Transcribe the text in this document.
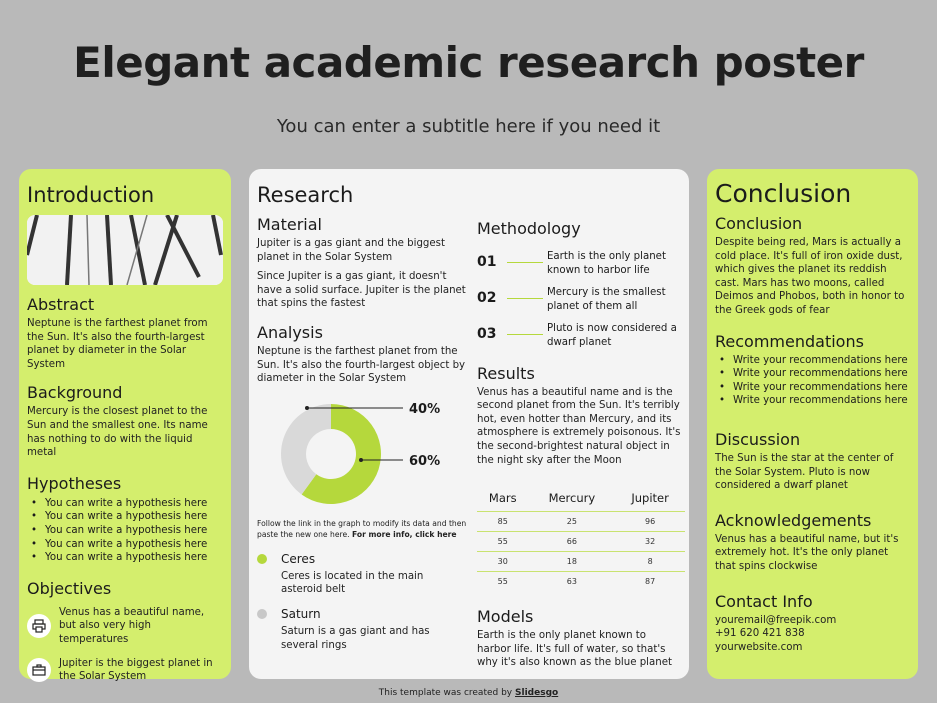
Elegant academic research poster
You can enter a subtitle here if you need it
Introduction
Abstract
Neptune is the farthest planet from the Sun. It's also the fourth-largest planet by diameter in the Solar System
Background
Mercury is the closest planet to the Sun and the smallest one. Its name has nothing to do with the liquid metal
Hypotheses
• You can write a hypothesis here
• You can write a hypothesis here
• You can write a hypothesis here
• You can write a hypothesis here
• You can write a hypothesis here
Objectives
Venus has a beautiful name, but also very high temperatures
Jupiter is the biggest planet in the Solar System
Research
Material
Jupiter is a gas giant and the biggest planet in the Solar System
Since Jupiter is a gas giant, it doesn't have a solid surface. Jupiter is the planet that spins the fastest
Analysis
Neptune is the farthest planet from the Sun. It's also the fourth-largest object by diameter in the Solar System
40%
60%
Follow the link in the graph to modify its data and then paste the new one here. For more info, click here
Ceres
Ceres is located in the main asteroid belt
Saturn
Saturn is a gas giant and has several rings
Methodology
01	Earth is the only planet known to harbor life
02	Mercury is the smallest planet of them all
03	Pluto is now considered a dwarf planet
Results
Venus has a beautiful name and is the second planet from the Sun. It's terribly hot, even hotter than Mercury, and its atmosphere is extremely poisonous. It's the second-brightest natural object in the night sky after the Moon
Mars	Mercury	Jupiter
85	25	96
55	66	32
30	18	8
55	63	87
Models
Earth is the only planet known to harbor life. It's full of water, so that's why it's also known as the blue planet
Conclusion
Conclusion
Despite being red, Mars is actually a cold place. It's full of iron oxide dust, which gives the planet its reddish cast. Mars has two moons, called Deimos and Phobos, both in honor to the Greek gods of fear
Recommendations
• Write your recommendations here
• Write your recommendations here
• Write your recommendations here
• Write your recommendations here
Discussion
The Sun is the star at the center of the Solar System. Pluto is now considered a dwarf planet
Acknowledgements
Venus has a beautiful name, but it's extremely hot. It's the only planet that spins clockwise
Contact Info
youremail@freepik.com
+91 620 421 838
yourwebsite.com
This template was created by Slidesgo
